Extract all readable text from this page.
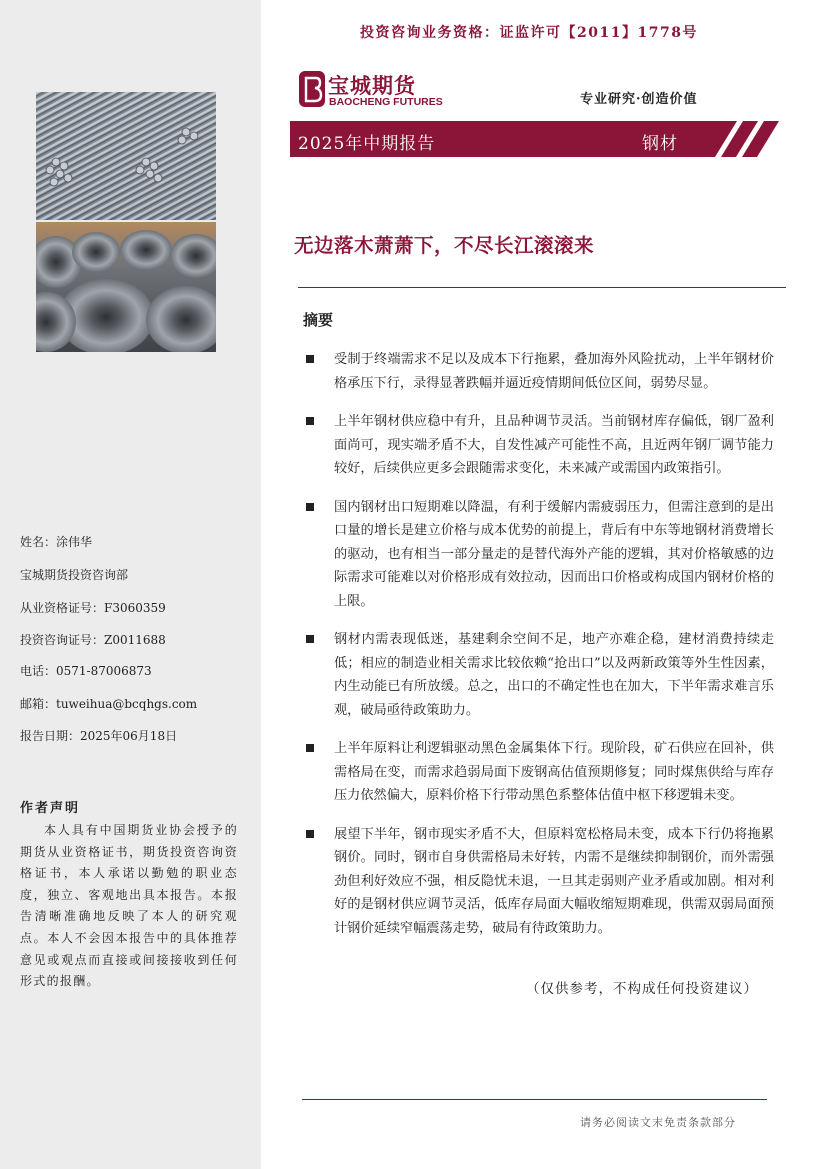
姓名：涂伟华
宝城期货投资咨询部
从业资格证号：F3060359
投资咨询证号：Z0011688
电话：0571-87006873
邮箱：tuweihua@bcqhgs.com
报告日期：2025年06月18日
作者声明
本人具有中国期货业协会授予的期货从业资格证书，期货投资咨询资格证书，本人承诺以勤勉的职业态度，独立、客观地出具本报告。本报告清晰准确地反映了本人的研究观点。本人不会因本报告中的具体推荐意见或观点而直接或间接接收到任何形式的报酬。
投资咨询业务资格：证监许可【2011】1778号
宝城期货
BAOCHENG FUTURES	专业研究·创造价值
2025年中期报告	钢材
无边落木萧萧下，不尽长江滚滚来
摘要
受制于终端需求不足以及成本下行拖累，叠加海外风险扰动，上半年钢材价格承压下行，录得显著跌幅并逼近疫情期间低位区间，弱势尽显。
上半年钢材供应稳中有升，且品种调节灵活。当前钢材库存偏低，钢厂盈利面尚可，现实端矛盾不大，自发性减产可能性不高，且近两年钢厂调节能力较好，后续供应更多会跟随需求变化，未来减产或需国内政策指引。
国内钢材出口短期难以降温，有利于缓解内需疲弱压力，但需注意到的是出口量的增长是建立价格与成本优势的前提上，背后有中东等地钢材消费增长的驱动，也有相当一部分量走的是替代海外产能的逻辑，其对价格敏感的边际需求可能难以对价格形成有效拉动，因而出口价格或构成国内钢材价格的上限。
钢材内需表现低迷，基建剩余空间不足，地产亦难企稳，建材消费持续走低；相应的制造业相关需求比较依赖“抢出口”以及两新政策等外生性因素，内生动能已有所放缓。总之，出口的不确定性也在加大，下半年需求难言乐观，破局亟待政策助力。
上半年原料让利逻辑驱动黑色金属集体下行。现阶段，矿石供应在回补，供需格局在变，而需求趋弱局面下废钢高估值预期修复；同时煤焦供给与库存压力依然偏大，原料价格下行带动黑色系整体估值中枢下移逻辑未变。
展望下半年，钢市现实矛盾不大，但原料宽松格局未变，成本下行仍将拖累钢价。同时，钢市自身供需格局未好转，内需不是继续抑制钢价，而外需强劲但利好效应不强，相反隐忧未退，一旦其走弱则产业矛盾或加剧。相对利好的是钢材供应调节灵活，低库存局面大幅收缩短期难现，供需双弱局面预计钢价延续窄幅震荡走势，破局有待政策助力。
（仅供参考，不构成任何投资建议）
请务必阅读文末免责条款部分
